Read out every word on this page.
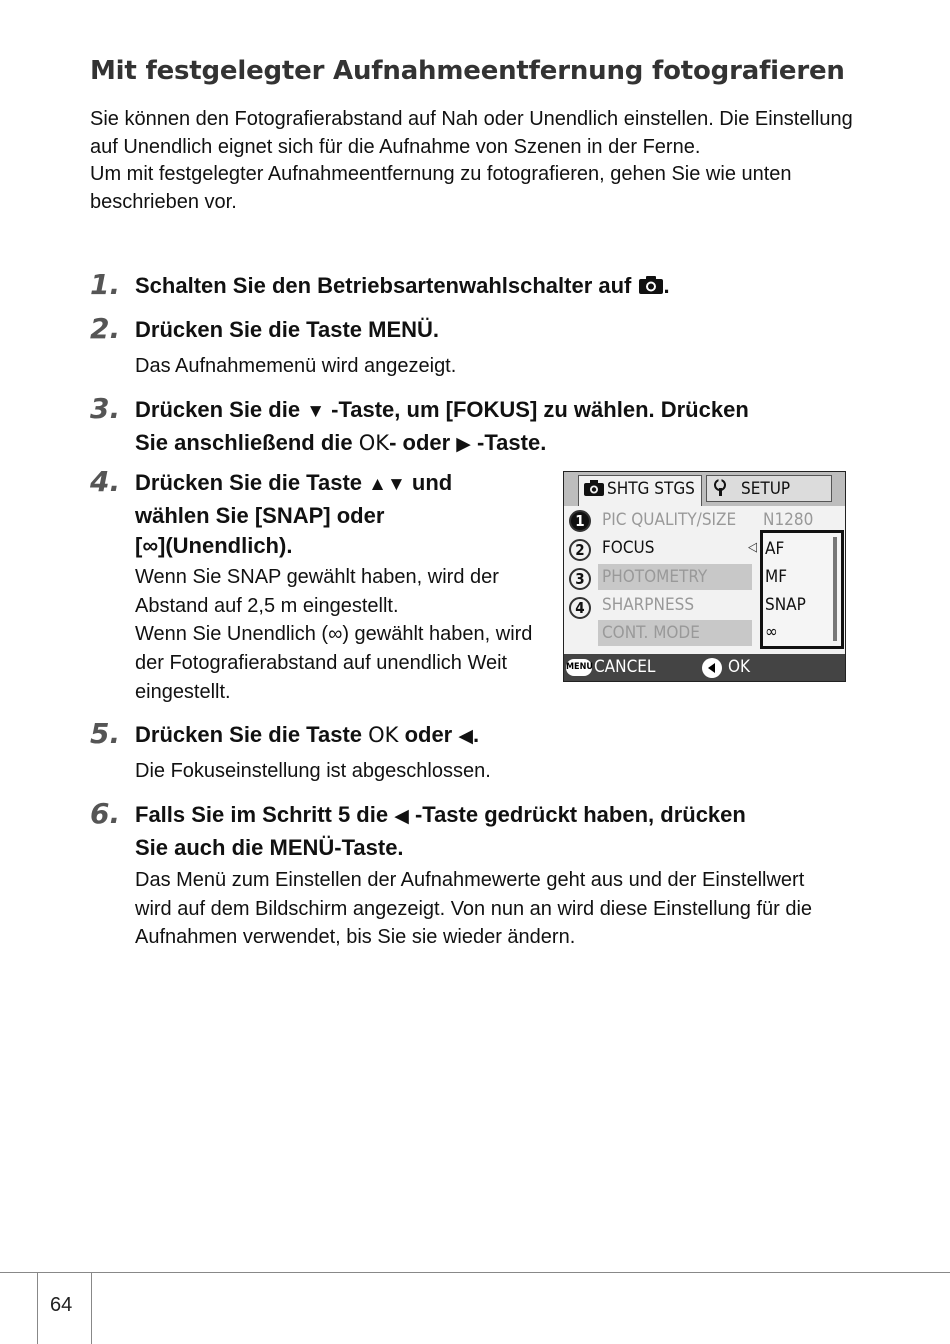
Mit festgelegter Aufnahmeentfernung fotografieren

Sie können den Fotografierabstand auf Nah oder Unendlich einstellen. Die Einstellung auf Unendlich eignet sich für die Aufnahme von Szenen in der Ferne.

Um mit festgelegter Aufnahmeentfernung zu fotografieren, gehen Sie wie unten beschrieben vor.

1. Schalten Sie den Betriebsartenwahlschalter auf
.
2. Drücken Sie die Taste MENÜ.
Das Aufnahmemenü wird angezeigt.
3. Drücken Sie die ▼ -Taste, um [FOKUS] zu wählen. Drücken
Sie anschließend die OK- oder ▶ -Taste.
4. Drücken Sie die Taste ▲▼ und
wählen Sie [SNAP] oder
[∞](Unendlich).

Wenn Sie SNAP gewählt haben, wird der Abstand auf 2,5 m eingestellt.

Wenn Sie Unendlich (∞) gewählt haben, wird der Fotografierabstand auf unendlich Weit eingestellt.

SHTG STGS	SETUP
1
2
3
4
PIC QUALITY/SIZE N1280
FOCUS	◁
PHOTOMETRY
SHARPNESS
CONT. MODE
AF
MF
SNAP
∞
MENU CANCEL	OK
5. Drücken Sie die Taste OK oder ◀.
Die Fokuseinstellung ist abgeschlossen.
6. Falls Sie im Schritt 5 die ◀ -Taste gedrückt haben, drücken
Sie auch die MENÜ-Taste.
Das Menü zum Einstellen der Aufnahmewerte geht aus und der Einstellwert wird auf dem Bildschirm angezeigt. Von nun an wird diese Einstellung für die Aufnahmen verwendet, bis Sie sie wieder ändern.
64
